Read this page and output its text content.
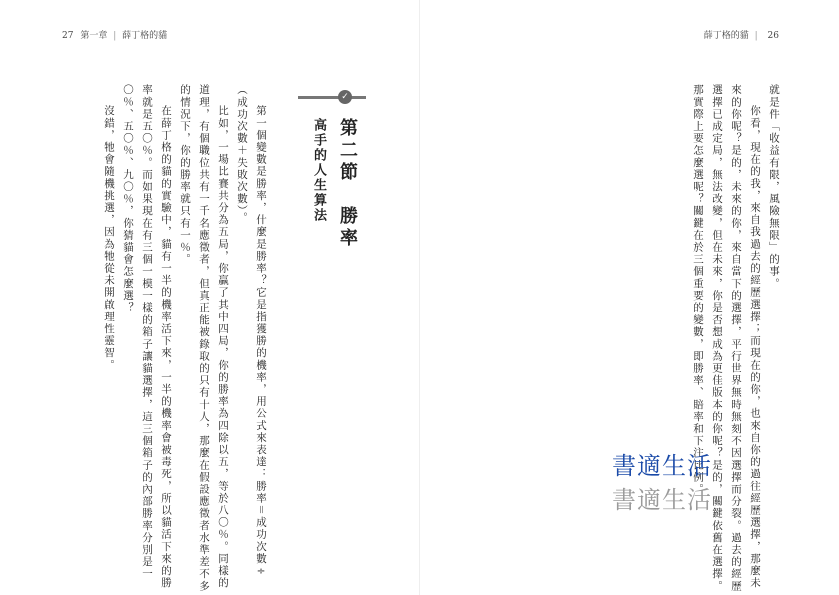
27 第一章 | 薛丁格的貓	薛丁格的貓 | 26
就是件「收益有限，風險無限」的事。
你看，現在的我，來自我過去的經歷選擇；而現在的你，也來自你的過往經歷選擇，那麼未
來的你呢？是的，未來的你，來自當下的選擇，平行世界無時無刻不因選擇而分裂。過去的經歷
選擇已成定局，無法改變，但在未來，你是否想成為更佳版本的你呢？是的，關鍵依舊在選擇。
那實際上要怎麼選呢？關鍵在於三個重要的變數，即勝率、賠率和下注比例。
書適生活
書適生活
✓
第二節　勝率
高手的人生算法
第一個變數是勝率，什麼是勝率？它是指獲勝的機率，用公式來表達：勝率＝成功次數÷
（成功次數＋失敗次數）。
比如，一場比賽共分為五局，你贏了其中四局，你的勝率為四除以五，等於八〇％。同樣的
道理，有個職位共有一千名應徵者，但真正能被錄取的只有十人，那麼在假設應徵者水準差不多
的情況下，你的勝率就只有一％。
在薛丁格的貓的實驗中，貓有一半的機率活下來，一半的機率會被毒死，所以貓活下來的勝
率就是五〇％。而如果現在有三個一模一樣的箱子讓貓選擇，這三個箱子的內部勝率分別是一
〇％、五〇％、九〇％，你猜貓會怎麼選？
沒錯，牠會隨機挑選，因為牠從未開啟理性靈智。
